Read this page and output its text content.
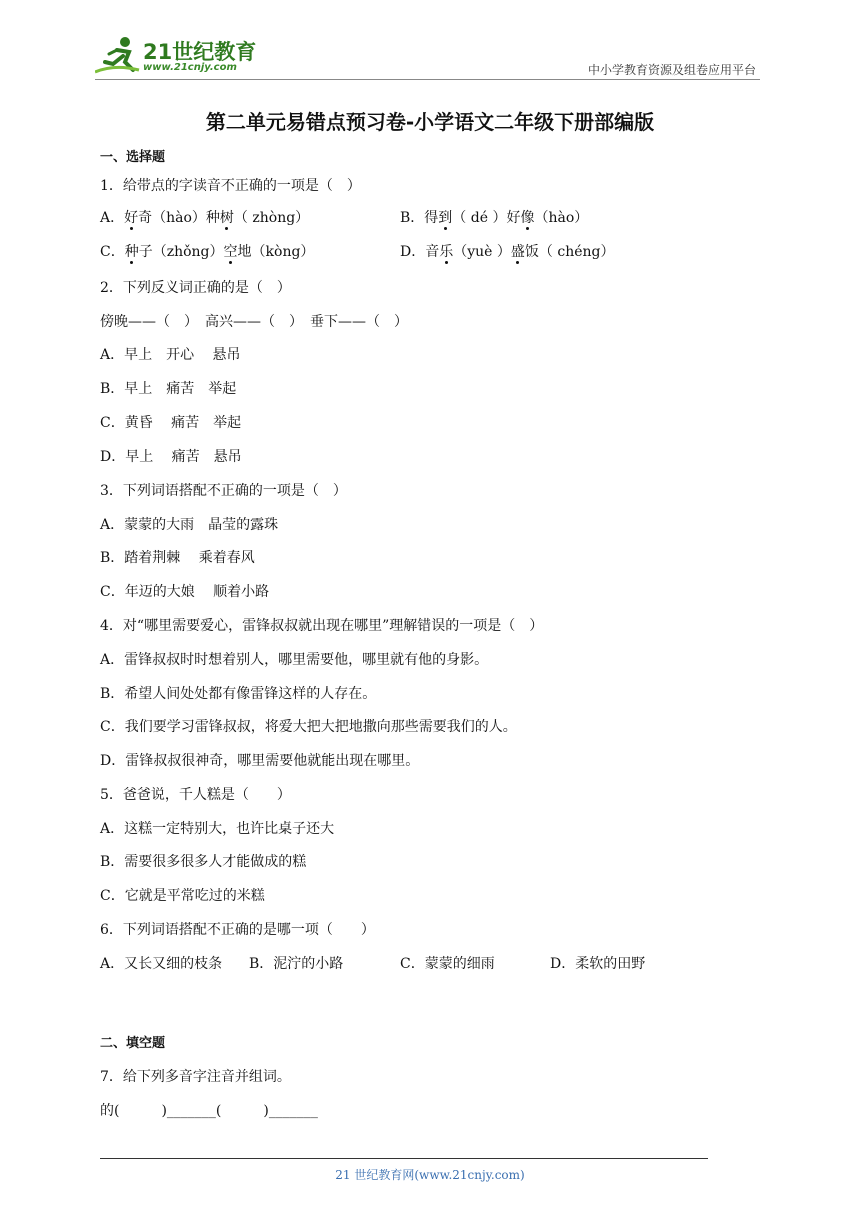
21世纪教育
www.21cnjy.com	中小学教育资源及组卷应用平台
第二单元易错点预习卷-小学语文二年级下册部编版
一、选择题
1．给带点的字读音不正确的一项是（　）
A．好奇（hào）种树（ zhòng）	B．得到（ dé ）好像（hào）
C．种子（zhǒng）空地（kòng）	D．音乐（yuè ）盛饭（ chéng）
2．下列反义词正确的是（　）
傍晚——（　）　高兴——（　）　垂下——（　）
A．早上　开心　 悬吊
B．早上　痛苦　举起
C．黄昏　 痛苦　举起
D．早上　 痛苦　悬吊
3．下列词语搭配不正确的一项是（　）
A．蒙蒙的大雨　晶莹的露珠
B．踏着荆棘　 乘着春风
C．年迈的大娘　 顺着小路
4．对“哪里需要爱心，雷锋叔叔就出现在哪里”理解错误的一项是（　）
A．雷锋叔叔时时想着别人，哪里需要他，哪里就有他的身影。
B．希望人间处处都有像雷锋这样的人存在。
C．我们要学习雷锋叔叔，将爱大把大把地撒向那些需要我们的人。
D．雷锋叔叔很神奇，哪里需要他就能出现在哪里。
5．爸爸说，千人糕是（　　）
A．这糕一定特别大，也许比桌子还大
B．需要很多很多人才能做成的糕
C．它就是平常吃过的米糕
6．下列词语搭配不正确的是哪一项（　　）
A．又长又细的枝条 B．泥泞的小路	C．蒙蒙的细雨	D．柔软的田野
二、填空题
7．给下列多音字注音并组词。
的(　　　)_______(　　　)_______
21 世纪教育网(www.21cnjy.com)
